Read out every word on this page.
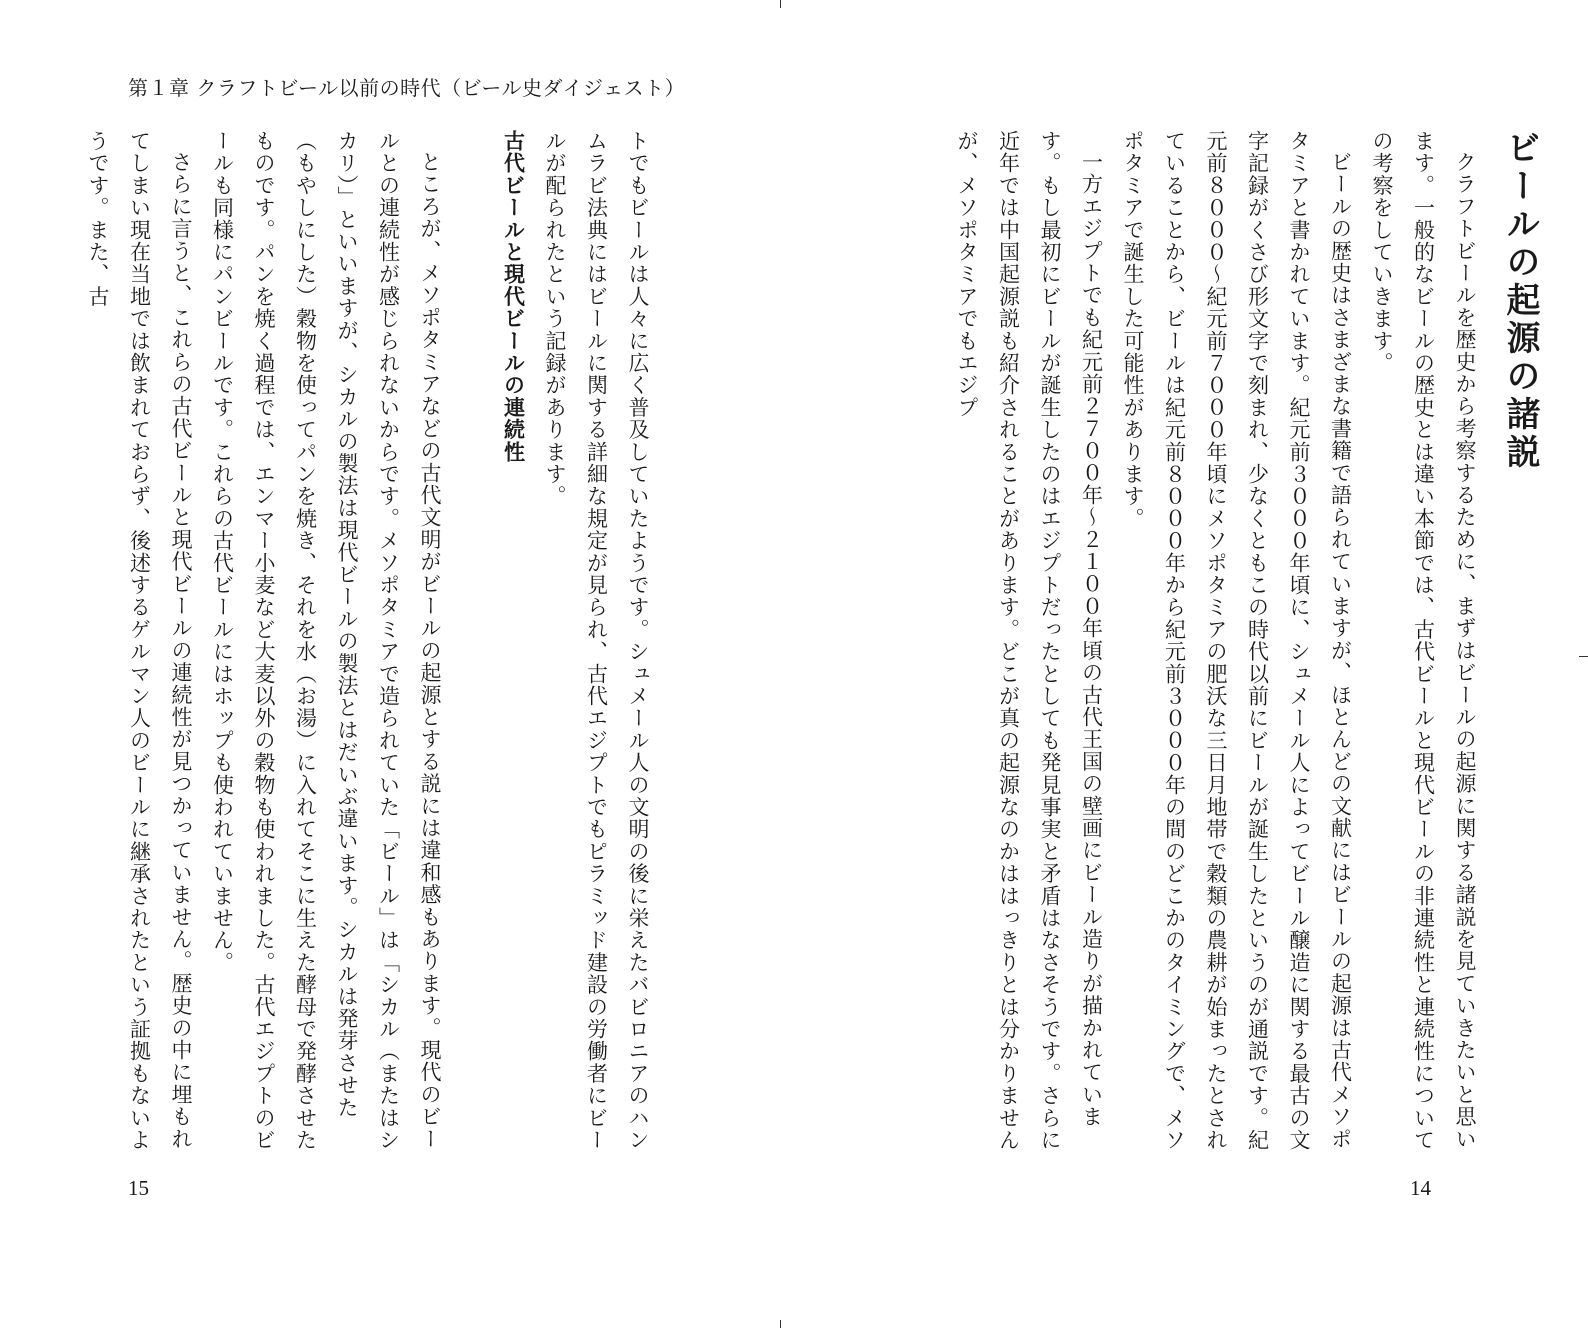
第１章 クラフトビール以前の時代（ビール史ダイジェスト）

トでもビールは人々に広く普及していたようです。シュメール人の文明の後に栄えたバビロニアのハンムラビ法典にはビールに関する詳細な規定が見られ、古代エジプトでもピラミッド建設の労働者にビールが配られたという記録があります。

古代ビールと現代ビールの連続性

ところが、メソポタミアなどの古代文明がビールの起源とする説には違和感もあります。現代のビールとの連続性が感じられないからです。メソポタミアで造られていた「ビール」は「シカル（またはシカリ）」といいますが、シカルの製法は現代ビールの製法とはだいぶ違います。シカルは発芽させた（もやしにした）穀物を使ってパンを焼き、それを水（お湯）に入れてそこに生えた酵母で発酵させたものです。パンを焼く過程では、エンマー小麦など大麦以外の穀物も使われました。古代エジプトのビールも同様にパンビールです。これらの古代ビールにはホップも使われていません。

さらに言うと、これらの古代ビールと現代ビールの連続性が見つかっていません。歴史の中に埋もれてしまい現在当地では飲まれておらず、後述するゲルマン人のビールに継承されたという証拠もないようです。また、古

15
ビールの起源の諸説

クラフトビールを歴史から考察するために、まずはビールの起源に関する諸説を見ていきたいと思います。一般的なビールの歴史とは違い本節では、古代ビールと現代ビールの非連続性と連続性についての考察をしていきます。

ビールの歴史はさまざまな書籍で語られていますが、ほとんどの文献にはビールの起源は古代メソポタミアと書かれています。紀元前３０００年頃に、シュメール人によってビール醸造に関する最古の文字記録がくさび形文字で刻まれ、少なくともこの時代以前にビールが誕生したというのが通説です。紀元前８０００〜紀元前７０００年頃にメソポタミアの肥沃な三日月地帯で穀類の農耕が始まったとされていることから、ビールは紀元前８０００年から紀元前３０００年の間のどこかのタイミングで、メソポタミアで誕生した可能性があります。

一方エジプトでも紀元前２７００年〜２１００年頃の古代王国の壁画にビール造りが描かれています。もし最初にビールが誕生したのはエジプトだったとしても発見事実と矛盾はなさそうです。さらに近年では中国起源説も紹介されることがあります。どこが真の起源なのかははっきりとは分かりませんが、メソポタミアでもエジプ

14
